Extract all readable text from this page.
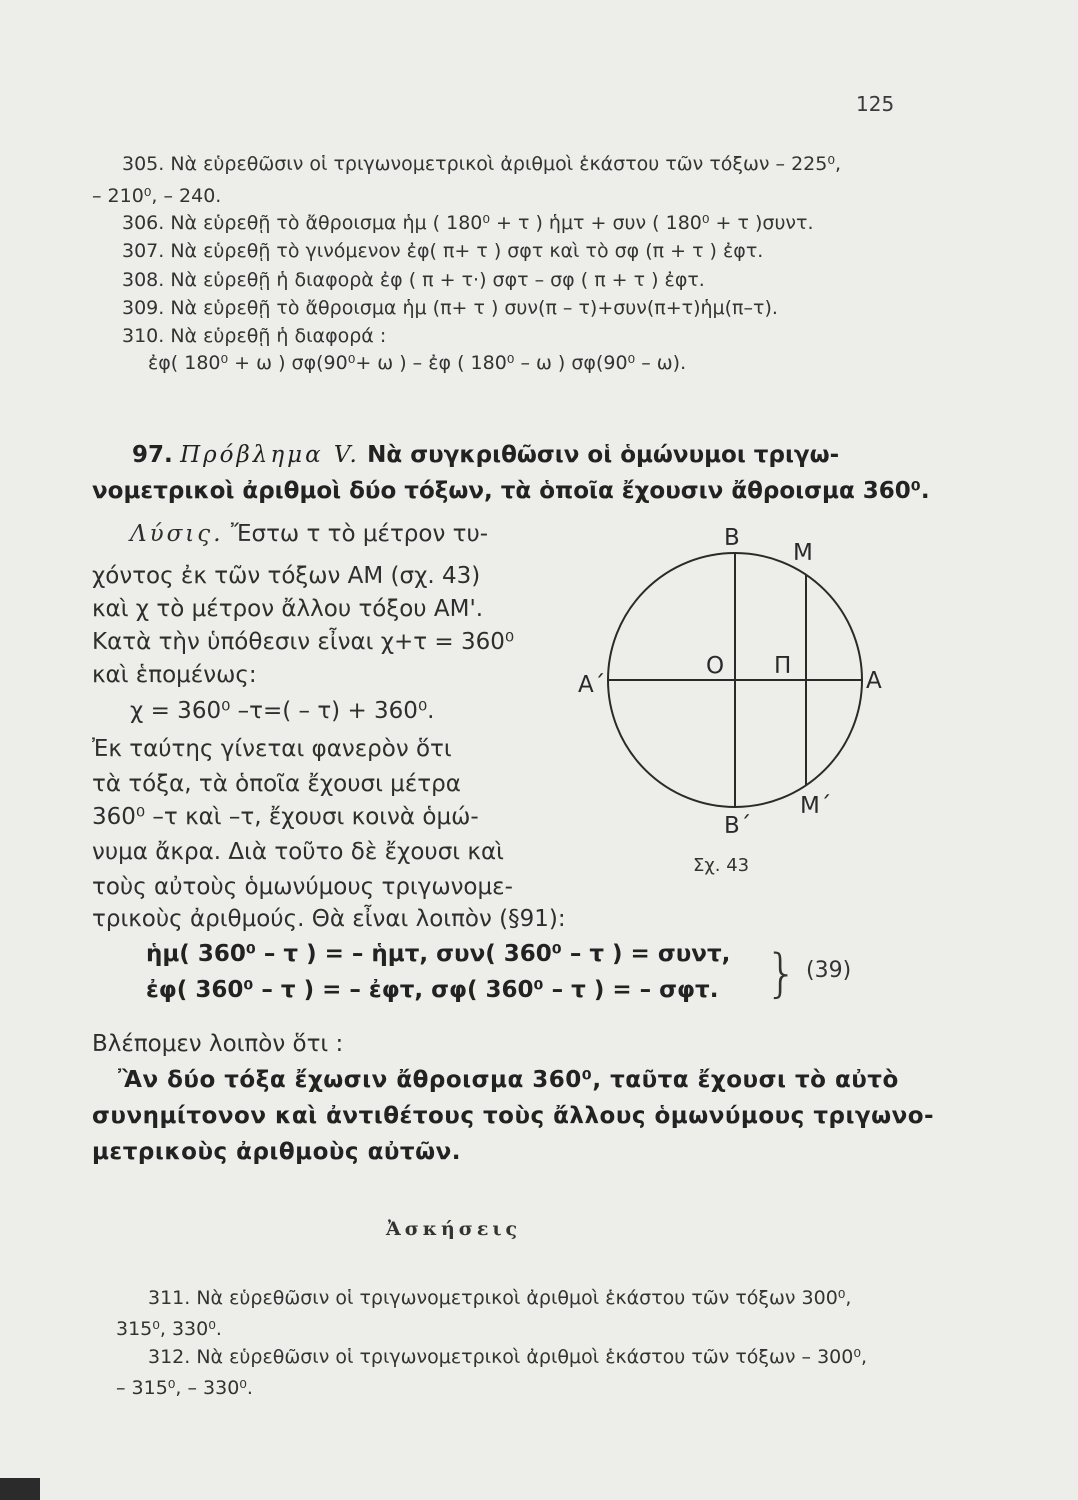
125
305. Νὰ εὑρεθῶσιν οἱ τριγωνομετρικοὶ ἀριθμοὶ ἑκάστου τῶν τόξων – 225⁰,
– 210⁰, – 240.
306. Νὰ εὑρεθῇ τὸ ἄθροισμα ἡμ ( 180⁰ + τ ) ἡμτ + συν ( 180⁰ + τ )συντ.
307. Νὰ εὑρεθῇ τὸ γινόμενον ἐφ( π+ τ ) σφτ καὶ τὸ σφ (π + τ ) ἐφτ.
308. Νὰ εὑρεθῇ ἡ διαφορὰ ἐφ ( π + τ·) σφτ – σφ ( π + τ ) ἐφτ.
309. Νὰ εὑρεθῇ τὸ ἄθροισμα ἡμ (π+ τ ) συν(π – τ)+συν(π+τ)ἡμ(π–τ).
310. Νὰ εὑρεθῇ ἡ διαφορά :
ἐφ( 180⁰ + ω ) σφ(90⁰+ ω ) – ἐφ ( 180⁰ – ω ) σφ(90⁰ – ω).
97. Πρόβλημα V. Νὰ συγκριθῶσιν οἱ ὁμώνυμοι τριγω-
νομετρικοὶ ἀριθμοὶ δύο τόξων, τὰ ὁποῖα ἔχουσιν ἄθροισμα 360⁰.
Λύσις. Ἔστω τ τὸ μέτρον τυ-
χόντος ἐκ τῶν τόξων ΑΜ (σχ. 43)
καὶ χ τὸ μέτρον ἄλλου τόξου ΑΜ'.
Κατὰ τὴν ὑπόθεσιν εἶναι χ+τ = 360⁰
καὶ ἑπομένως:
χ = 360⁰ –τ=( – τ) + 360⁰.
Ἐκ ταύτης γίνεται φανερὸν ὅτι
τὰ τόξα, τὰ ὁποῖα ἔχουσι μέτρα
360⁰ –τ καὶ –τ, ἔχουσι κοινὰ ὁμώ-
νυμα ἄκρα. Διὰ τοῦτο δὲ ἔχουσι καὶ
τοὺς αὐτοὺς ὁμωνύμους τριγωνομε-
τρικοὺς ἀριθμούς. Θὰ εἶναι λοιπὸν (§91):
Β
Μ
Ο Π
Α΄	Α
Β΄
Μ΄
Σχ. 43
ἡμ( 360⁰ – τ ) = – ἡμτ, συν( 360⁰ – τ ) = συντ,
ἐφ( 360⁰ – τ ) = – ἐφτ, σφ( 360⁰ – τ ) = – σφτ. } (39)
Βλέπομεν λοιπὸν ὅτι :
Ἂν δύο τόξα ἔχωσιν ἄθροισμα 360⁰, ταῦτα ἔχουσι τὸ αὐτὸ
συνημίτονον καὶ ἀντιθέτους τοὺς ἄλλους ὁμωνύμους τριγωνο-
μετρικοὺς ἀριθμοὺς αὐτῶν.
Ἀσκήσεις
311. Νὰ εὑρεθῶσιν οἱ τριγωνομετρικοὶ ἀριθμοὶ ἑκάστου τῶν τόξων 300⁰,
315⁰, 330⁰.
312. Νὰ εὑρεθῶσιν οἱ τριγωνομετρικοὶ ἀριθμοὶ ἑκάστου τῶν τόξων – 300⁰,
– 315⁰, – 330⁰.
